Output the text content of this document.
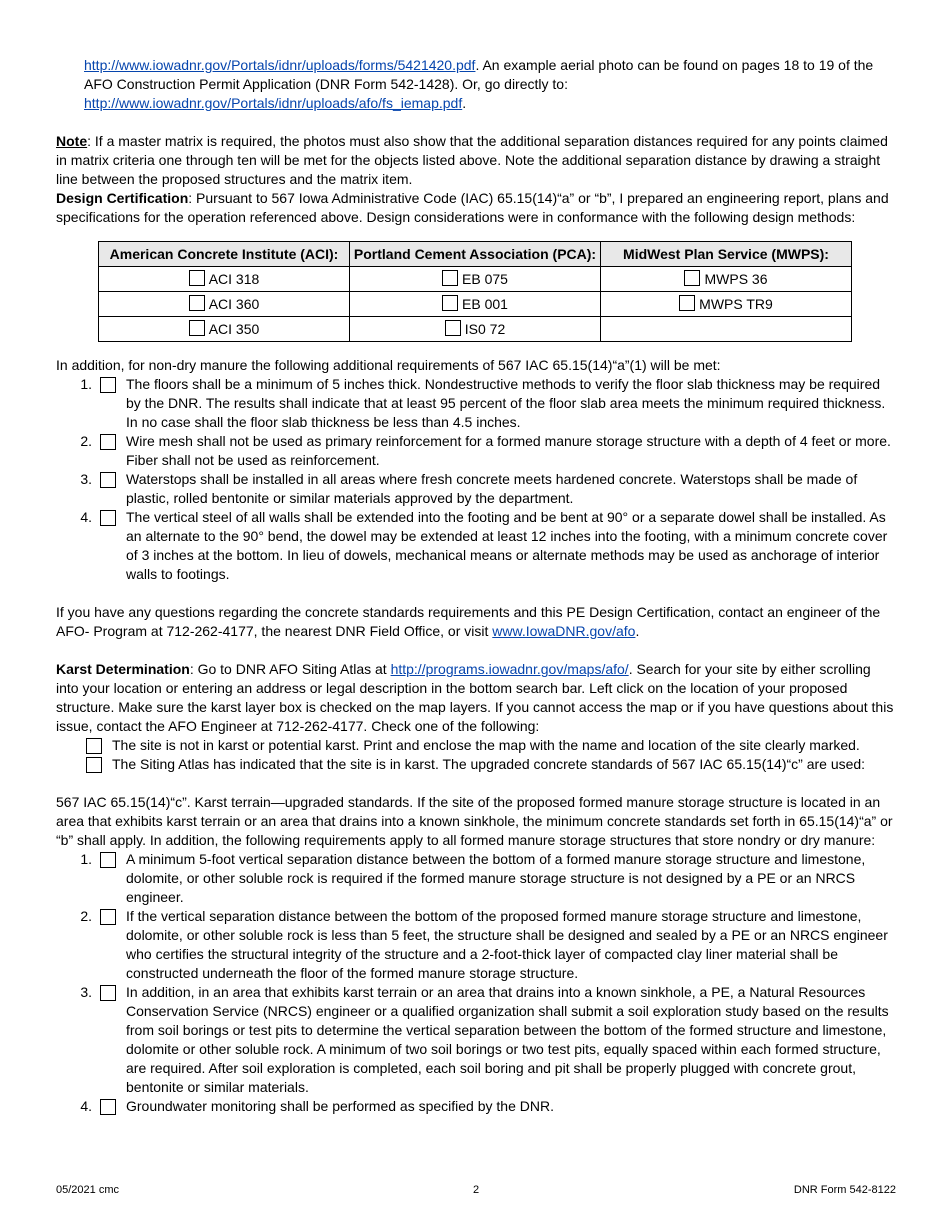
http://www.iowadnr.gov/Portals/idnr/uploads/forms/5421420.pdf. An example aerial photo can be found on pages 18 to 19 of the AFO Construction Permit Application (DNR Form 542-1428). Or, go directly to:
http://www.iowadnr.gov/Portals/idnr/uploads/afo/fs_iemap.pdf.

Note: If a master matrix is required, the photos must also show that the additional separation distances required for any points claimed in matrix criteria one through ten will be met for the objects listed above. Note the additional separation distance by drawing a straight line between the proposed structures and the matrix item.

Design Certification: Pursuant to 567 Iowa Administrative Code (IAC) 65.15(14)“a” or “b”, I prepared an engineering report, plans and specifications for the operation referenced above. Design considerations were in conformance with the following design methods:

American Concrete Institute (ACI):	Portland Cement Association (PCA):	MidWest Plan Service (MWPS):
ACI 318	EB 075	MWPS 36
ACI 360	EB 001	MWPS TR9
ACI 350	IS0 72	

In addition, for non-dry manure the following additional requirements of 567 IAC 65.15(14)“a”(1) will be met:

1. The floors shall be a minimum of 5 inches thick. Nondestructive methods to verify the floor slab thickness may be required by the DNR. The results shall indicate that at least 95 percent of the floor slab area meets the minimum required thickness. In no case shall the floor slab thickness be less than 4.5 inches.
2. Wire mesh shall not be used as primary reinforcement for a formed manure storage structure with a depth of 4 feet or more. Fiber shall not be used as reinforcement.
3. Waterstops shall be installed in all areas where fresh concrete meets hardened concrete. Waterstops shall be made of plastic, rolled bentonite or similar materials approved by the department.
4. The vertical steel of all walls shall be extended into the footing and be bent at 90° or a separate dowel shall be installed. As an alternate to the 90° bend, the dowel may be extended at least 12 inches into the footing, with a minimum concrete cover of 3 inches at the bottom. In lieu of dowels, mechanical means or alternate methods may be used as anchorage of interior walls to footings.

If you have any questions regarding the concrete standards requirements and this PE Design Certification, contact an engineer of the AFO- Program at 712-262-4177, the nearest DNR Field Office, or visit www.IowaDNR.gov/afo.

Karst Determination: Go to DNR AFO Siting Atlas at http://programs.iowadnr.gov/maps/afo/. Search for your site by either scrolling into your location or entering an address or legal description in the bottom search bar. Left click on the location of your proposed structure. Make sure the karst layer box is checked on the map layers. If you cannot access the map or if you have questions about this issue, contact the AFO Engineer at 712-262-4177. Check one of the following:

The site is not in karst or potential karst. Print and enclose the map with the name and location of the site clearly marked.
The Siting Atlas has indicated that the site is in karst. The upgraded concrete standards of 567 IAC 65.15(14)“c” are used:

567 IAC 65.15(14)“c”. Karst terrain—upgraded standards. If the site of the proposed formed manure storage structure is located in an area that exhibits karst terrain or an area that drains into a known sinkhole, the minimum concrete standards set forth in 65.15(14)“a” or “b” shall apply. In addition, the following requirements apply to all formed manure storage structures that store nondry or dry manure:

1. A minimum 5-foot vertical separation distance between the bottom of a formed manure storage structure and limestone, dolomite, or other soluble rock is required if the formed manure storage structure is not designed by a PE or an NRCS engineer.
2. If the vertical separation distance between the bottom of the proposed formed manure storage structure and limestone, dolomite, or other soluble rock is less than 5 feet, the structure shall be designed and sealed by a PE or an NRCS engineer who certifies the structural integrity of the structure and a 2-foot-thick layer of compacted clay liner material shall be constructed underneath the floor of the formed manure storage structure.
3. In addition, in an area that exhibits karst terrain or an area that drains into a known sinkhole, a PE, a Natural Resources Conservation Service (NRCS) engineer or a qualified organization shall submit a soil exploration study based on the results from soil borings or test pits to determine the vertical separation between the bottom of the formed structure and limestone, dolomite or other soluble rock. A minimum of two soil borings or two test pits, equally spaced within each formed structure, are required. After soil exploration is completed, each soil boring and pit shall be properly plugged with concrete grout, bentonite or similar materials.
4. Groundwater monitoring shall be performed as specified by the DNR.
05/2021 cmc	2	DNR Form 542-8122
